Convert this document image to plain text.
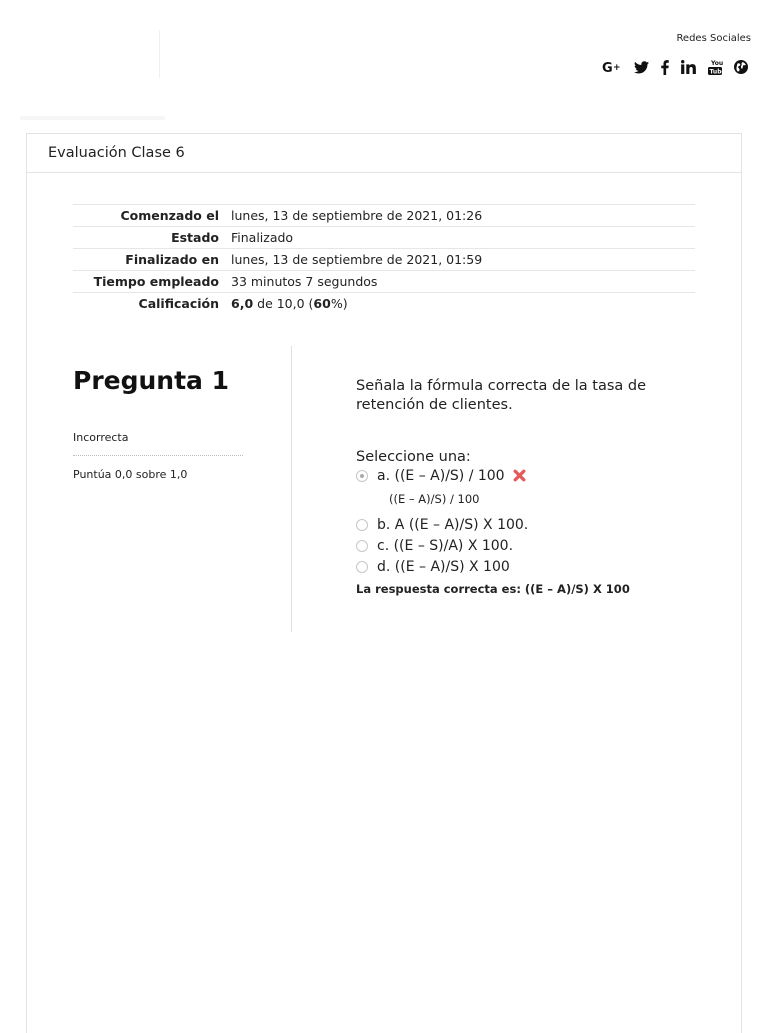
Redes Sociales
G +	You
Tube
Evaluación Clase 6
Comenzado el	lunes, 13 de septiembre de 2021, 01:26
Estado	Finalizado
Finalizado en	lunes, 13 de septiembre de 2021, 01:59
Tiempo empleado	33 minutos 7 segundos
Calificación	6,0 de 10,0 (60%)
Pregunta 1
Incorrecta
Puntúa 0,0 sobre 1,0
Señala la fórmula correcta de la tasa de retención de clientes.
Seleccione una:
a. ((E – A)/S) / 100
((E – A)/S) / 100
b. A ((E – A)/S) X 100.
c. ((E – S)/A) X 100.
d. ((E – A)/S) X 100
La respuesta correcta es: ((E – A)/S) X 100
